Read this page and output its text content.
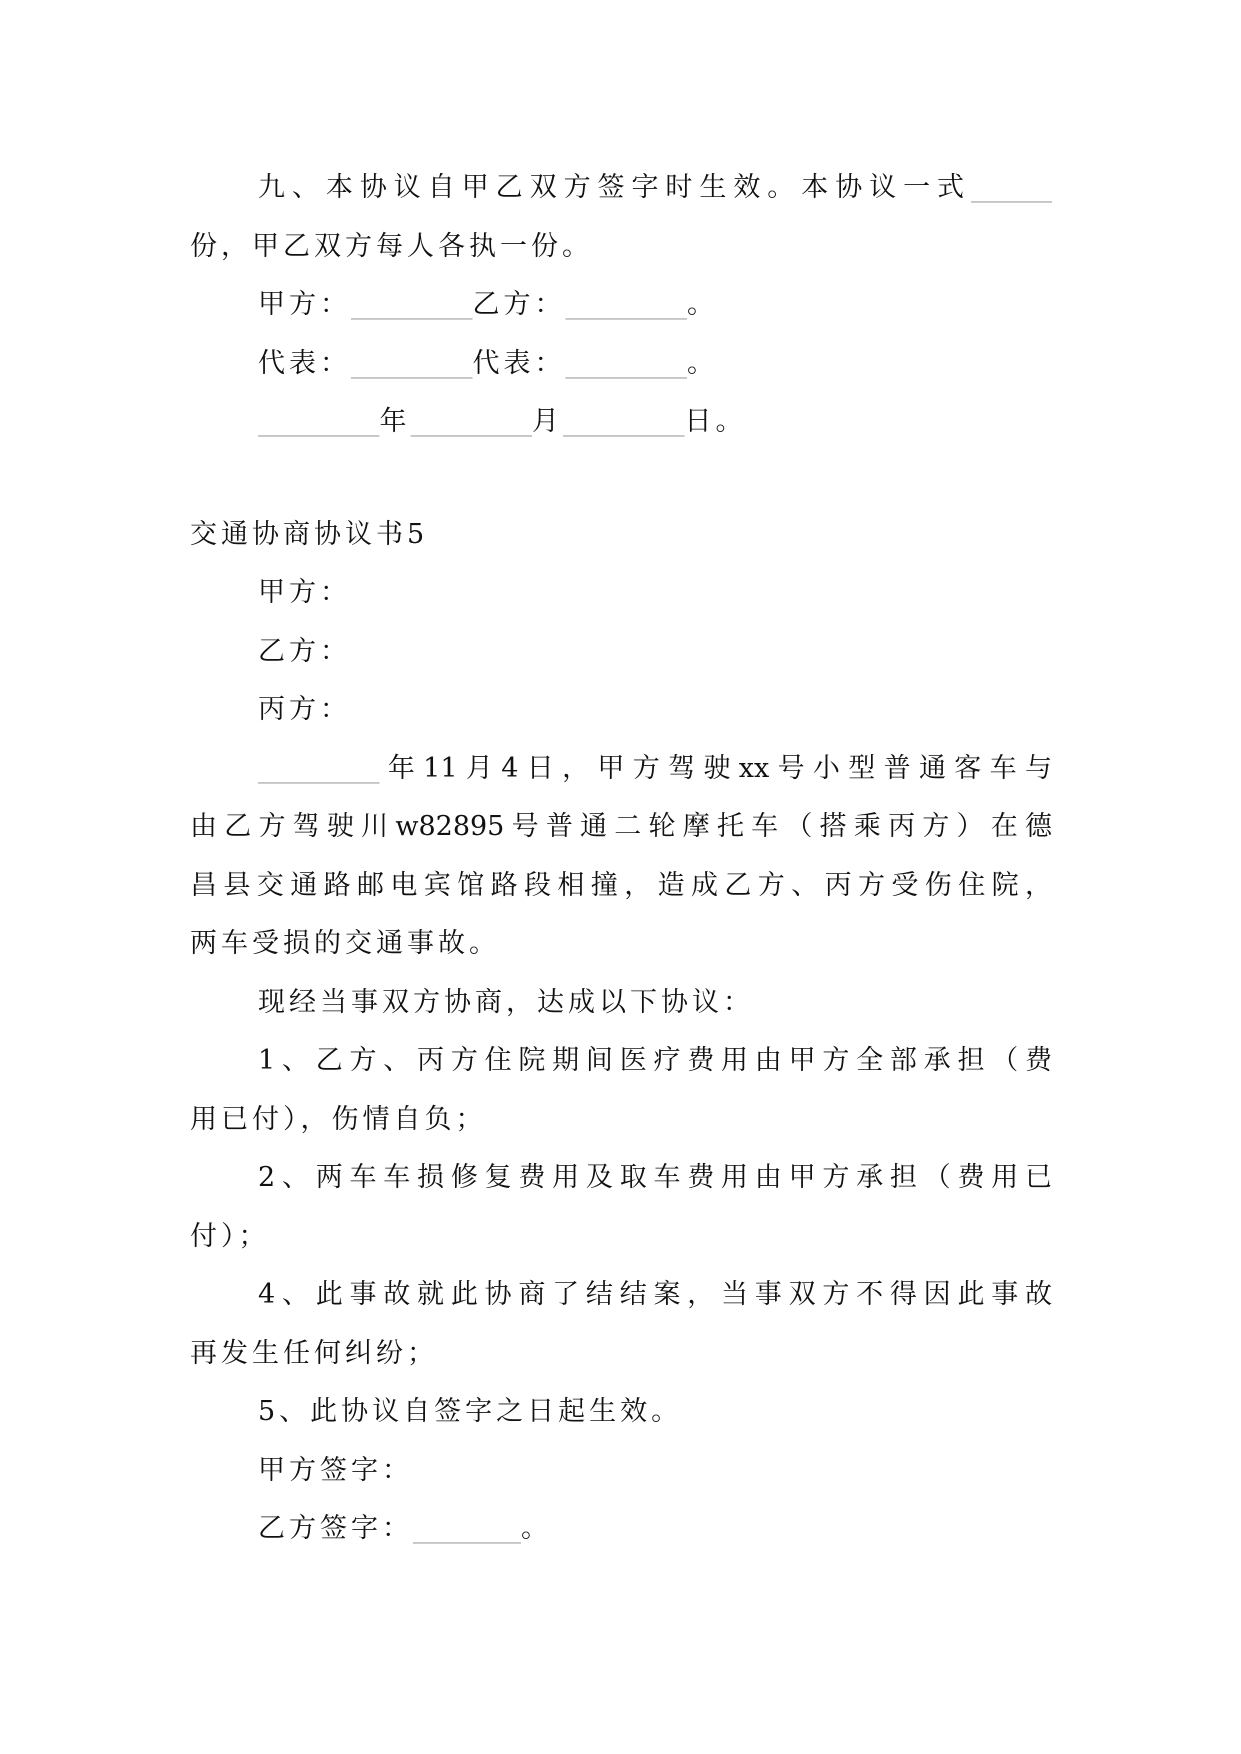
九、本协议自甲乙双方签字时生效。本协议一式______
份，甲乙双方每人各执一份。
甲方：_________乙方：_________。
代表：_________代表：_________。
_________年_________月_________日。
交通协商协议书5
甲方：
乙方：
丙方：
_________年11月4日，甲方驾驶xx号小型普通客车与
由乙方驾驶川w82895号普通二轮摩托车（搭乘丙方）在德
昌县交通路邮电宾馆路段相撞，造成乙方、丙方受伤住院，
两车受损的交通事故。
现经当事双方协商，达成以下协议：
1、乙方、丙方住院期间医疗费用由甲方全部承担（费
用已付），伤情自负；
2、两车车损修复费用及取车费用由甲方承担（费用已
付）；
4、此事故就此协商了结结案，当事双方不得因此事故
再发生任何纠纷；
5、此协议自签字之日起生效。
甲方签字：
乙方签字：________。
